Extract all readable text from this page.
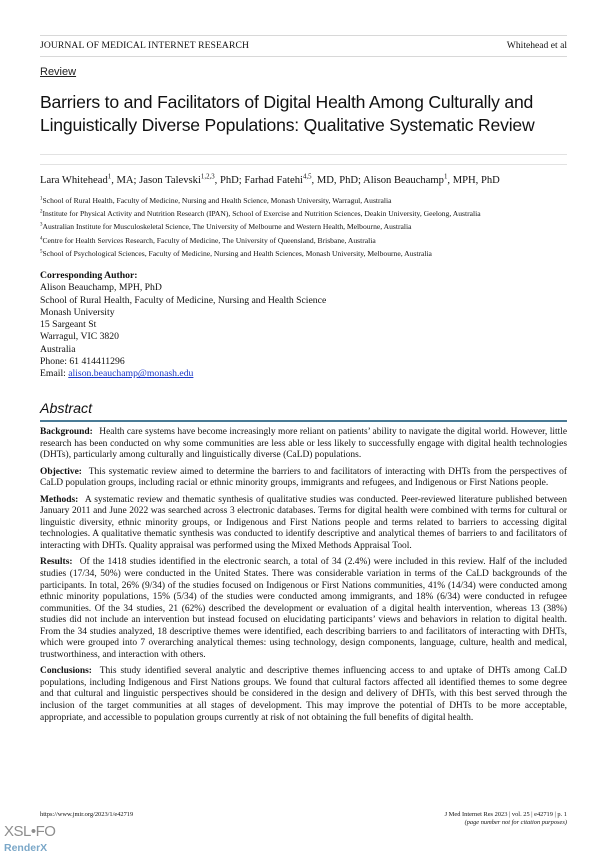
JOURNAL OF MEDICAL INTERNET RESEARCH	Whitehead et al
Review
Barriers to and Facilitators of Digital Health Among Culturally and Linguistically Diverse Populations: Qualitative Systematic Review
Lara Whitehead$^1$, MA; Jason Talevski$^{1,2,3}$, PhD; Farhad Fatehi$^{4,5}$, MD, PhD; Alison Beauchamp$^1$, MPH, PhD
$^1$School of Rural Health, Faculty of Medicine, Nursing and Health Science, Monash University, Warragul, Australia
$^2$Institute for Physical Activity and Nutrition Research (IPAN), School of Exercise and Nutrition Sciences, Deakin University, Geelong, Australia
$^3$Australian Institute for Musculoskeletal Science, The University of Melbourne and Western Health, Melbourne, Australia
$^4$Centre for Health Services Research, Faculty of Medicine, The University of Queensland, Brisbane, Australia
$^5$School of Psychological Sciences, Faculty of Medicine, Nursing and Health Sciences, Monash University, Melbourne, Australia
Corresponding Author:
Alison Beauchamp, MPH, PhD
School of Rural Health, Faculty of Medicine, Nursing and Health Science
Monash University
15 Sargeant St
Warragul, VIC 3820
Australia
Phone: 61 414411296
Email: alison.beauchamp@monash.edu
Abstract

Background: Health care systems have become increasingly more reliant on patients’ ability to navigate the digital world. However, little research has been conducted on why some communities are less able or less likely to successfully engage with digital health technologies (DHTs), particularly among culturally and linguistically diverse (CaLD) populations.

Objective: This systematic review aimed to determine the barriers to and facilitators of interacting with DHTs from the perspectives of CaLD population groups, including racial or ethnic minority groups, immigrants and refugees, and Indigenous or First Nations people.

Methods: A systematic review and thematic synthesis of qualitative studies was conducted. Peer-reviewed literature published between January 2011 and June 2022 was searched across 3 electronic databases. Terms for digital health were combined with terms for cultural or linguistic diversity, ethnic minority groups, or Indigenous and First Nations people and terms related to barriers to accessing digital technologies. A qualitative thematic synthesis was conducted to identify descriptive and analytical themes of barriers to and facilitators of interacting with DHTs. Quality appraisal was performed using the Mixed Methods Appraisal Tool.

Results: Of the 1418 studies identified in the electronic search, a total of 34 (2.4%) were included in this review. Half of the included studies (17/34, 50%) were conducted in the United States. There was considerable variation in terms of the CaLD backgrounds of the participants. In total, 26% (9/34) of the studies focused on Indigenous or First Nations communities, 41% (14/34) were conducted among ethnic minority populations, 15% (5/34) of the studies were conducted among immigrants, and 18% (6/34) were conducted in refugee communities. Of the 34 studies, 21 (62%) described the development or evaluation of a digital health intervention, whereas 13 (38%) studies did not include an intervention but instead focused on elucidating participants’ views and behaviors in relation to digital health. From the 34 studies analyzed, 18 descriptive themes were identified, each describing barriers to and facilitators of interacting with DHTs, which were grouped into 7 overarching analytical themes: using technology, design components, language, culture, health and medical, trustworthiness, and interaction with others.

Conclusions: This study identified several analytic and descriptive themes influencing access to and uptake of DHTs among CaLD populations, including Indigenous and First Nations groups. We found that cultural factors affected all identified themes to some degree and that cultural and linguistic perspectives should be considered in the design and delivery of DHTs, with this best served through the inclusion of the target communities at all stages of development. This may improve the potential of DHTs to be more acceptable, appropriate, and accessible to population groups currently at risk of not obtaining the full benefits of digital health.

https://www.jmir.org/2023/1/e42719	J Med Internet Res 2023 | vol. 25 | e42719 | p. 1
(page number not for citation purposes)
XSL•FO
RenderX
